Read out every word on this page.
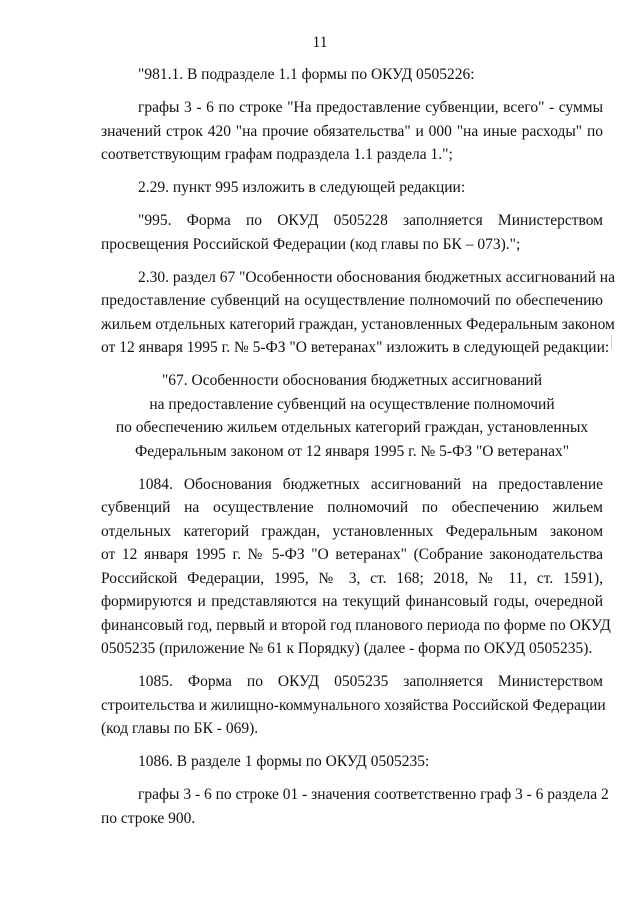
11
"981.1. В подразделе 1.1 формы по ОКУД 0505226:
графы 3 - 6 по строке "На предоставление субвенции, всего" - суммы
значений строк 420 "на прочие обязательства" и 000 "на иные расходы" по
соответствующим графам подраздела 1.1 раздела 1.";
2.29. пункт 995 изложить в следующей редакции:
"995. Форма по ОКУД 0505228 заполняется Министерством
просвещения Российской Федерации (код главы по БК – 073).";
2.30. раздел 67 "Особенности обоснования бюджетных ассигнований на
предоставление субвенций на осуществление полномочий по обеспечению
жильем отдельных категорий граждан, установленных Федеральным законом
от 12 января 1995 г. № 5-ФЗ "О ветеранах" изложить в следующей редакции:
"67. Особенности обоснования бюджетных ассигнований
на предоставление субвенций на осуществление полномочий
по обеспечению жильем отдельных категорий граждан, установленных
Федеральным законом от 12 января 1995 г. № 5-ФЗ "О ветеранах"
1084. Обоснования бюджетных ассигнований на предоставление
субвенций на осуществление полномочий по обеспечению жильем
отдельных категорий граждан, установленных Федеральным законом
от 12 января 1995 г. № 5-ФЗ "О ветеранах" (Собрание законодательства
Российской Федерации, 1995, № 3, ст. 168; 2018, № 11, ст. 1591),
формируются и представляются на текущий финансовый годы, очередной
финансовый год, первый и второй год планового периода по форме по ОКУД
0505235 (приложение № 61 к Порядку) (далее - форма по ОКУД 0505235).
1085. Форма по ОКУД 0505235 заполняется Министерством
строительства и жилищно-коммунального хозяйства Российской Федерации
(код главы по БК - 069).
1086. В разделе 1 формы по ОКУД 0505235:
графы 3 - 6 по строке 01 - значения соответственно граф 3 - 6 раздела 2
по строке 900.
